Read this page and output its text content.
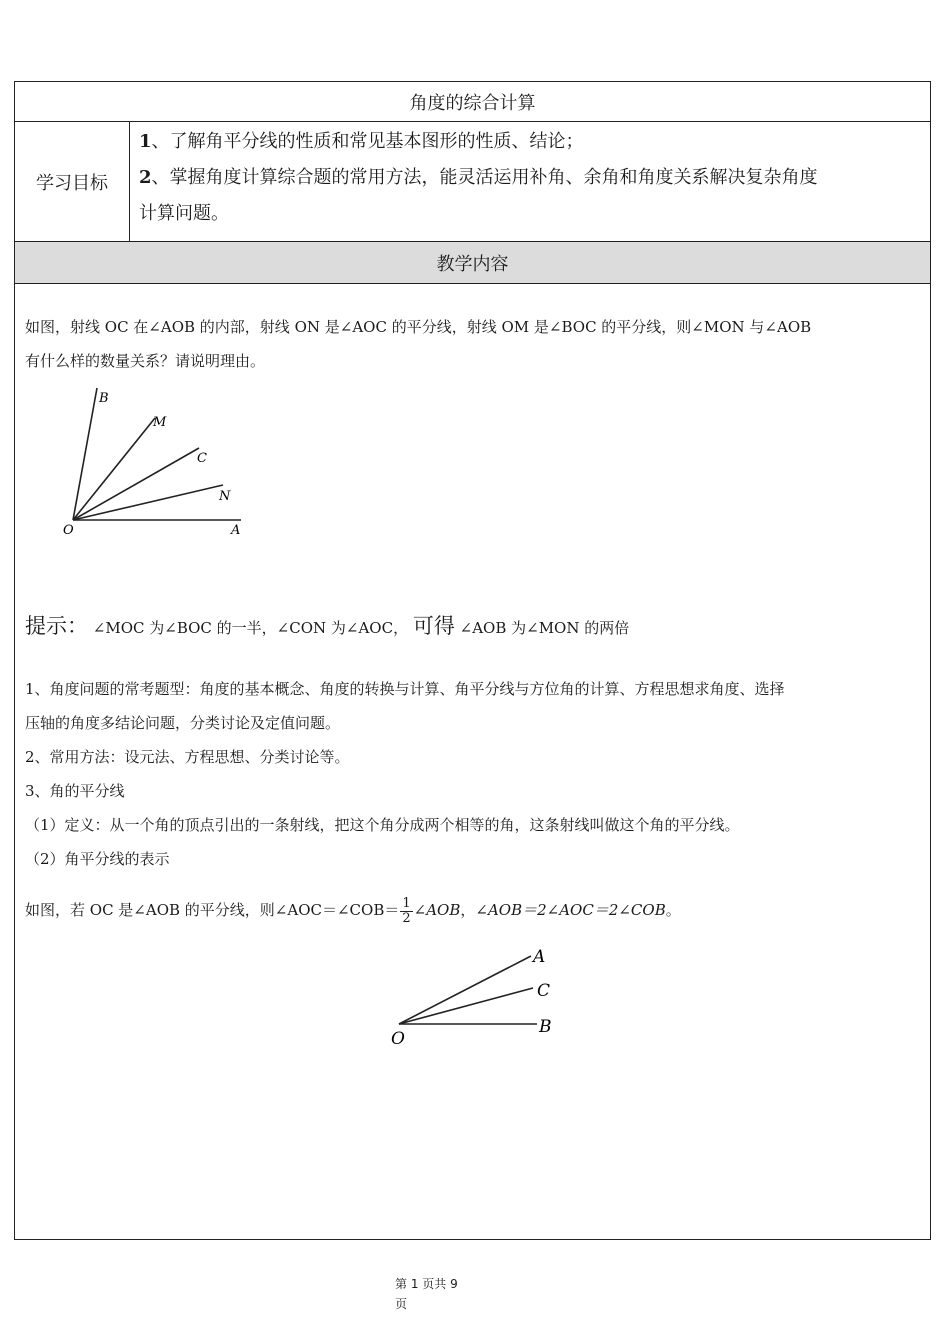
角度的综合计算
学习目标
1、了解角平分线的性质和常见基本图形的性质、结论；
2、掌握角度计算综合题的常用方法，能灵活运用补角、余角和角度关系解决复杂角度
计算问题。
教学内容
如图，射线 OC 在∠AOB 的内部，射线 ON 是∠AOC 的平分线，射线 OM 是∠BOC 的平分线，则∠MON 与∠AOB
有什么样的数量关系？请说明理由。
B
M
C
N
O	A
提示： ∠MOC 为∠BOC 的一半，∠CON 为∠AOC， 可得 ∠AOB 为∠MON 的两倍
1、角度问题的常考题型：角度的基本概念、角度的转换与计算、角平分线与方位角的计算、方程思想求角度、选择
压轴的角度多结论问题，分类讨论及定值问题。
2、常用方法：设元法、方程思想、分类讨论等。
3、角的平分线
（1）定义：从一个角的顶点引出的一条射线，把这个角分成两个相等的角，这条射线叫做这个角的平分线。
（2）角平分线的表示
如图，若 OC 是∠AOB 的平分线，则∠AOC＝∠COB＝ $\frac{1}{2}$ ∠AOB，∠AOB＝2∠AOC＝2∠COB。
A
C
B
O
第 1 页共 9
页
